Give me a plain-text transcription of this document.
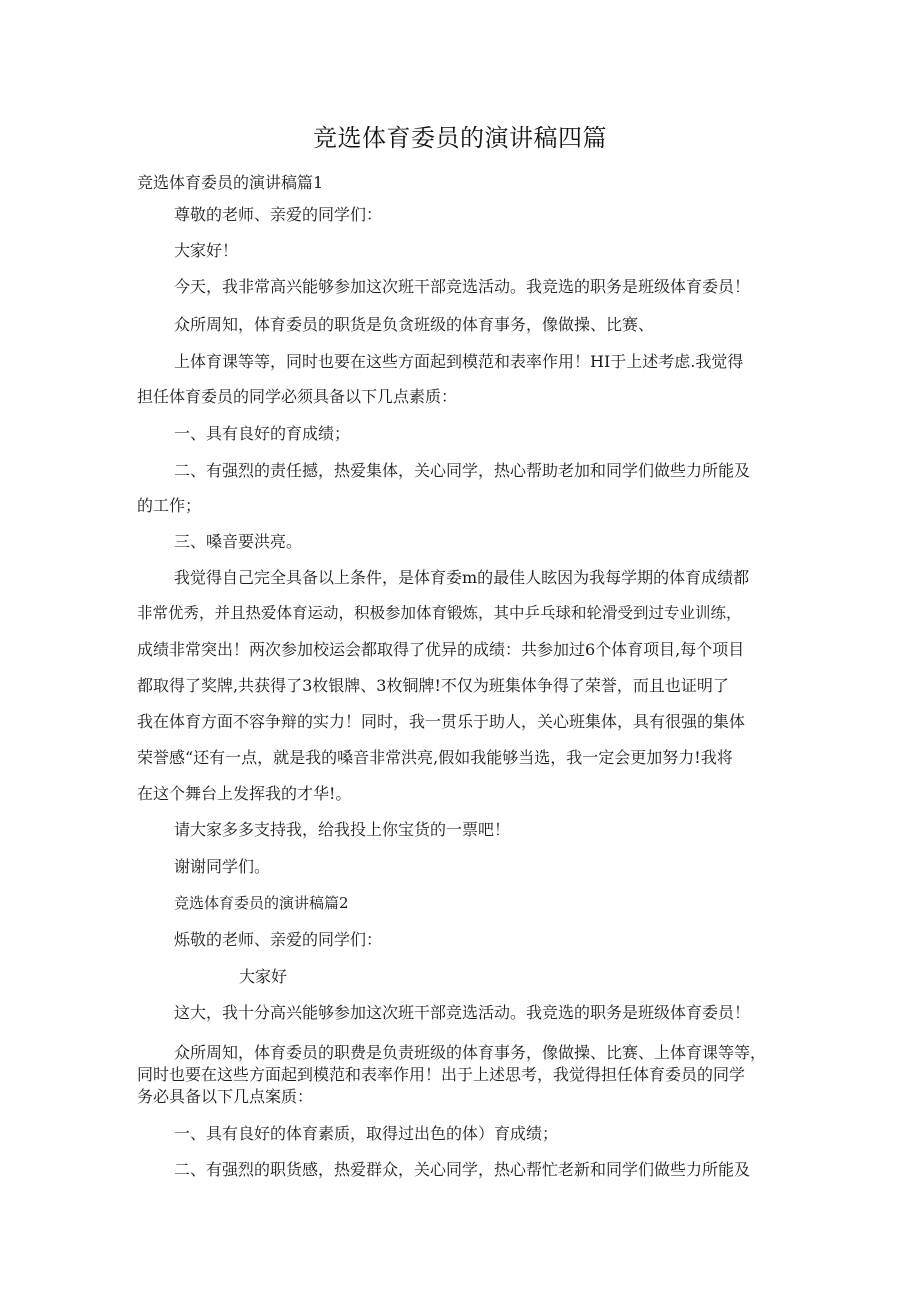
竞选体育委员的演讲稿四篇
竞选体育委员的演讲稿篇1
尊敬的老师、亲爱的同学们：
大家好！
今天，我非常高兴能够参加这次班干部竞选活动。我竞选的职务是班级体育委员！
众所周知，体育委员的职货是负贪班级的体育事务，像做操、比赛、
上体育课等等，同时也要在这些方面起到模范和表率作用！HI于上述考虑.我觉得
担任体育委员的同学必须具备以下几点素质：
一、具有良好的育成绩；
二、有强烈的责任撼，热爱集体，关心同学，热心帮助老加和同学们做些力所能及
的工作；
三、嗓音要洪亮。
我觉得自己完全具备以上条件，是体育委m的最佳人眩因为我每学期的体育成绩都
非常优秀，并且热爱体育运动，积极参加体育锻炼，其中乒乓球和轮滑受到过专业训练，
成绩非常突出！两次参加校运会都取得了优异的成绩：共参加过6个体育项目,每个项目
都取得了奖牌,共获得了3枚银牌、3枚铜牌!不仅为班集体争得了荣誉，而且也证明了
我在体育方面不容争辩的实力！同时，我一贯乐于助人，关心班集体，具有很强的集体
荣誉感“还有一点，就是我的嗓音非常洪亮,假如我能够当选，我一定会更加努力!我将
在这个舞台上发挥我的才华!。
请大家多多支持我，给我投上你宝货的一票吧！
谢谢同学们。
竞选体育委员的演讲稿篇2
烁敬的老师、亲爱的同学们：
大家好
这大，我十分高兴能够参加这次班干部竞选活动。我竞选的职务是班级体育委员！
众所周知，体育委员的职费是负责班级的体育事务，像做操、比赛、上体育课等等，
同时也要在这些方面起到模范和表率作用！出于上述思考，我觉得担任体育委员的同学
务必具备以下几点案质：
一、具有良好的体育素质，取得过出色的体）育成绩；
二、有强烈的职货感，热爱群众，关心同学，热心帮忙老新和同学们做些力所能及
